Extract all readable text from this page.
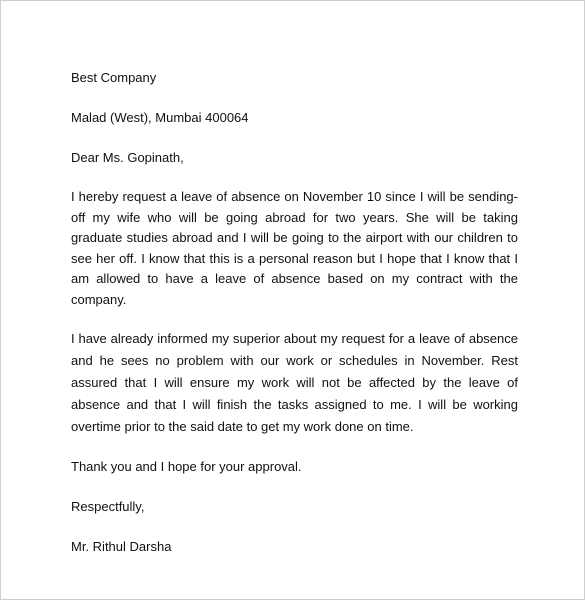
Best Company

Malad (West), Mumbai 400064

Dear Ms. Gopinath,

I hereby request a leave of absence on November 10 since I will be sending-off my wife who will be going abroad for two years. She will be taking graduate studies abroad and I will be going to the airport with our children to see her off. I know that this is a personal reason but I hope that I know that I am allowed to have a leave of absence based on my contract with the company.

I have already informed my superior about my request for a leave of absence and he sees no problem with our work or schedules in November. Rest assured that I will ensure my work will not be affected by the leave of absence and that I will finish the tasks assigned to me. I will be working overtime prior to the said date to get my work done on time.

Thank you and I hope for your approval.

Respectfully,

Mr. Rithul Darsha
